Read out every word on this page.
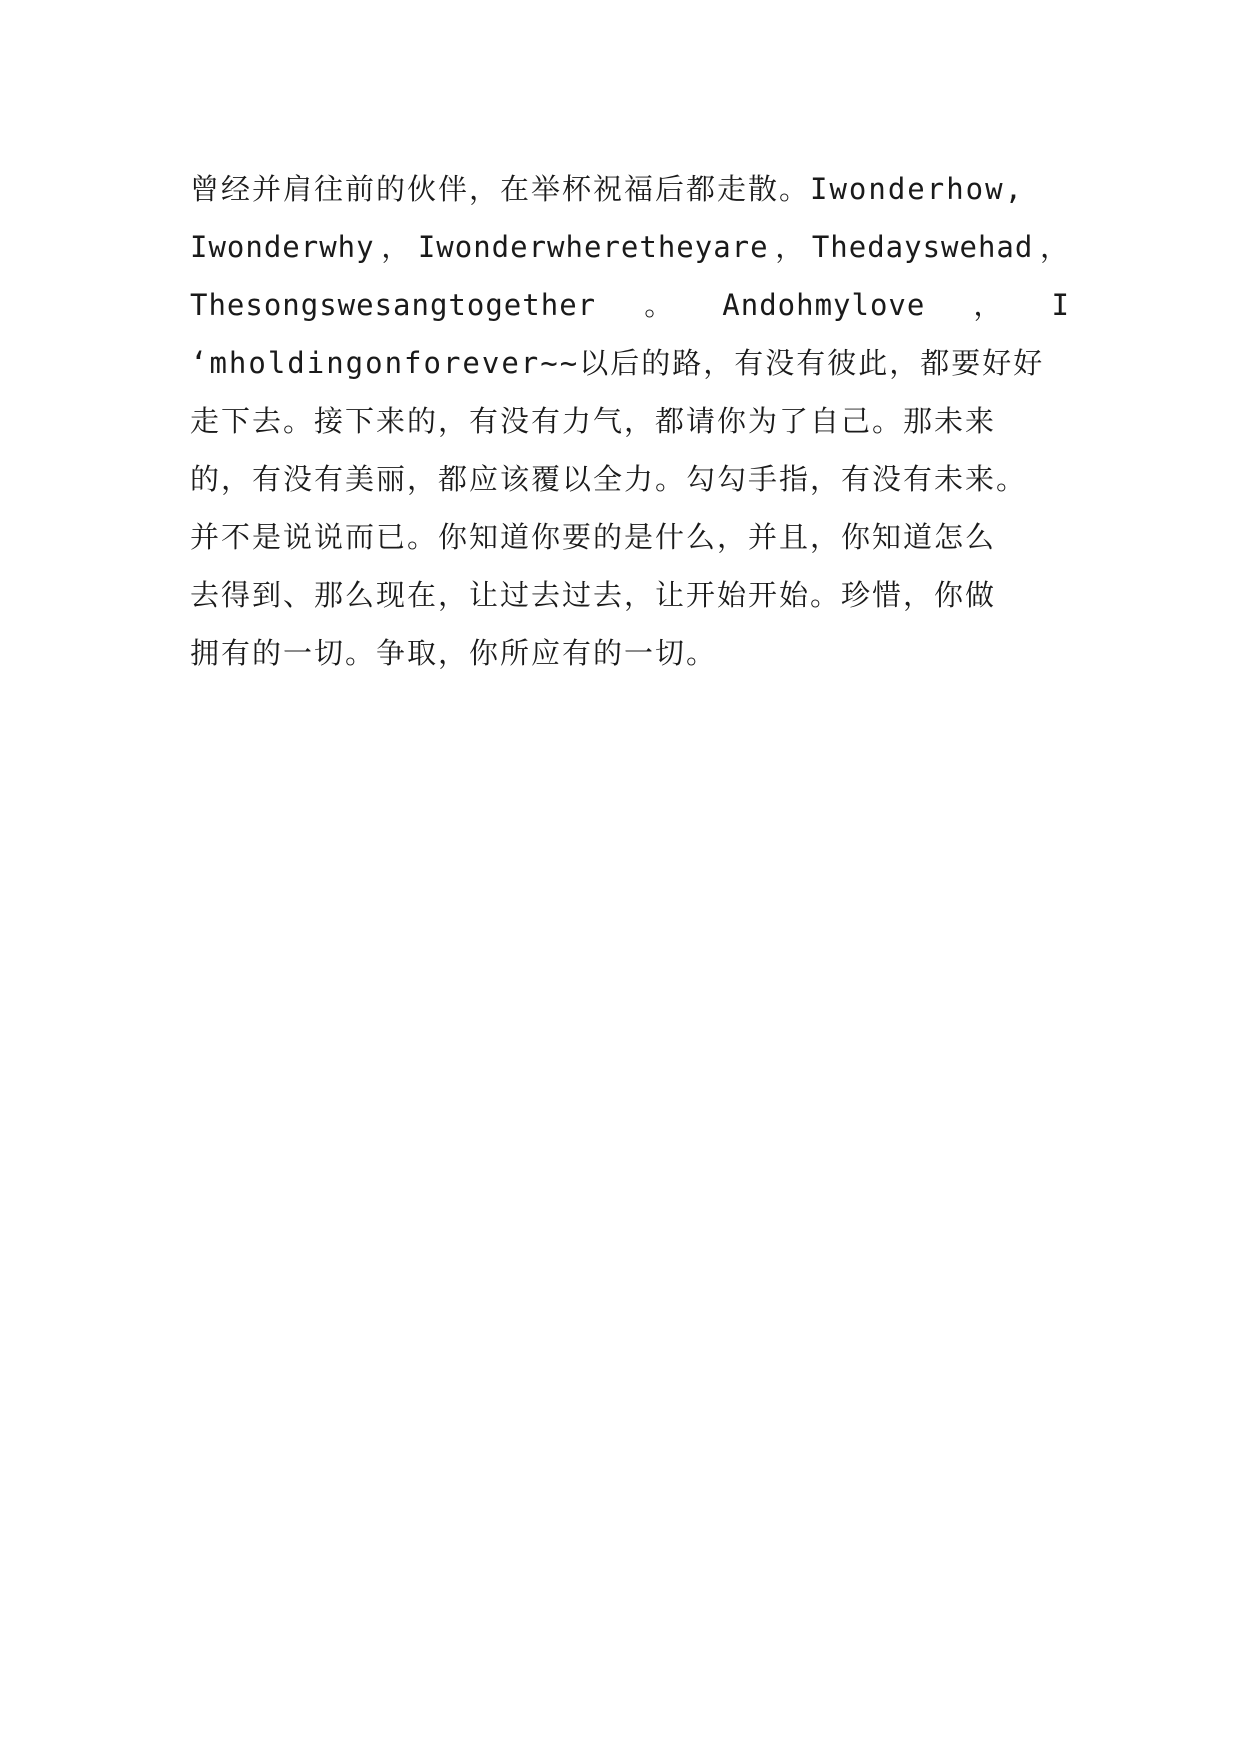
曾经并肩往前的伙伴，在举杯祝福后都走散。Iwonderhow,
Iwonderwhy ， Iwonderwheretheyare ， Thedayswehad ，
Thesongswesangtogether 。 Andohmylove ， I
‘mholdingonforever~~以后的路，有没有彼此，都要好好
走下去。接下来的，有没有力气，都请你为了自己。那未来
的，有没有美丽，都应该覆以全力。勾勾手指，有没有未来。
并不是说说而已。你知道你要的是什么，并且，你知道怎么
去得到、那么现在，让过去过去，让开始开始。珍惜，你做
拥有的一切。争取，你所应有的一切。
